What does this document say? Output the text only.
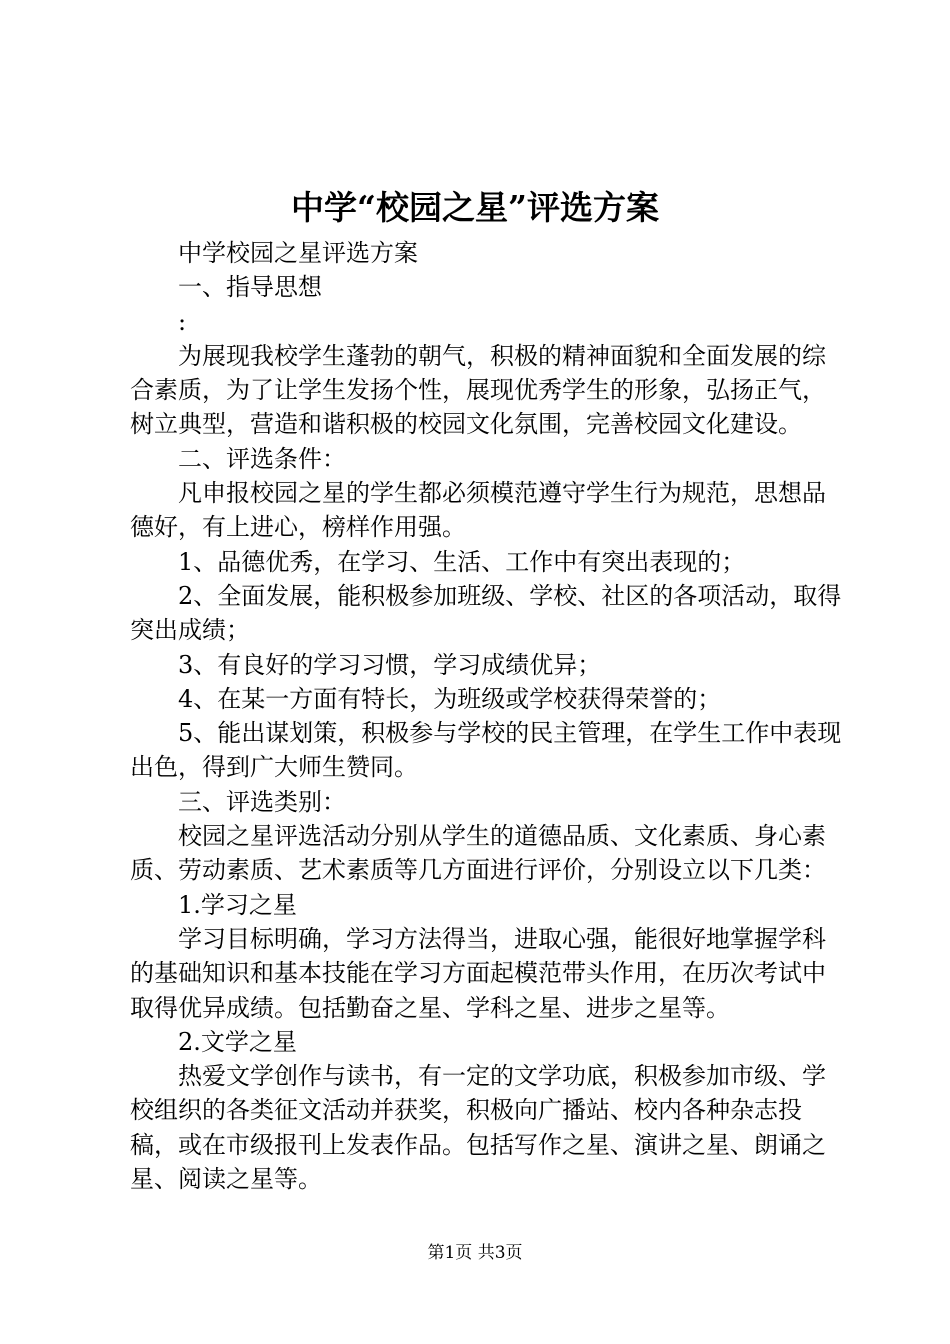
中学“校园之星”评选方案

中学校园之星评选方案

一、指导思想

:

为展现我校学生蓬勃的朝气，积极的精神面貌和全面发展的综合素质，为了让学生发扬个性，展现优秀学生的形象，弘扬正气，树立典型，营造和谐积极的校园文化氛围，完善校园文化建设。

二、评选条件：

凡申报校园之星的学生都必须模范遵守学生行为规范，思想品德好，有上进心，榜样作用强。

1、品德优秀，在学习、生活、工作中有突出表现的；

2、全面发展，能积极参加班级、学校、社区的各项活动，取得突出成绩；

3、有良好的学习习惯，学习成绩优异；

4、在某一方面有特长，为班级或学校获得荣誉的；

5、能出谋划策，积极参与学校的民主管理，在学生工作中表现出色，得到广大师生赞同。

三、评选类别：

校园之星评选活动分别从学生的道德品质、文化素质、身心素质、劳动素质、艺术素质等几方面进行评价，分别设立以下几类：

1.学习之星

学习目标明确，学习方法得当，进取心强，能很好地掌握学科的基础知识和基本技能在学习方面起模范带头作用，在历次考试中取得优异成绩。包括勤奋之星、学科之星、进步之星等。

2.文学之星

热爱文学创作与读书，有一定的文学功底，积极参加市级、学校组织的各类征文活动并获奖，积极向广播站、校内各种杂志投稿，或在市级报刊上发表作品。包括写作之星、演讲之星、朗诵之星、阅读之星等。

第1页 共3页
